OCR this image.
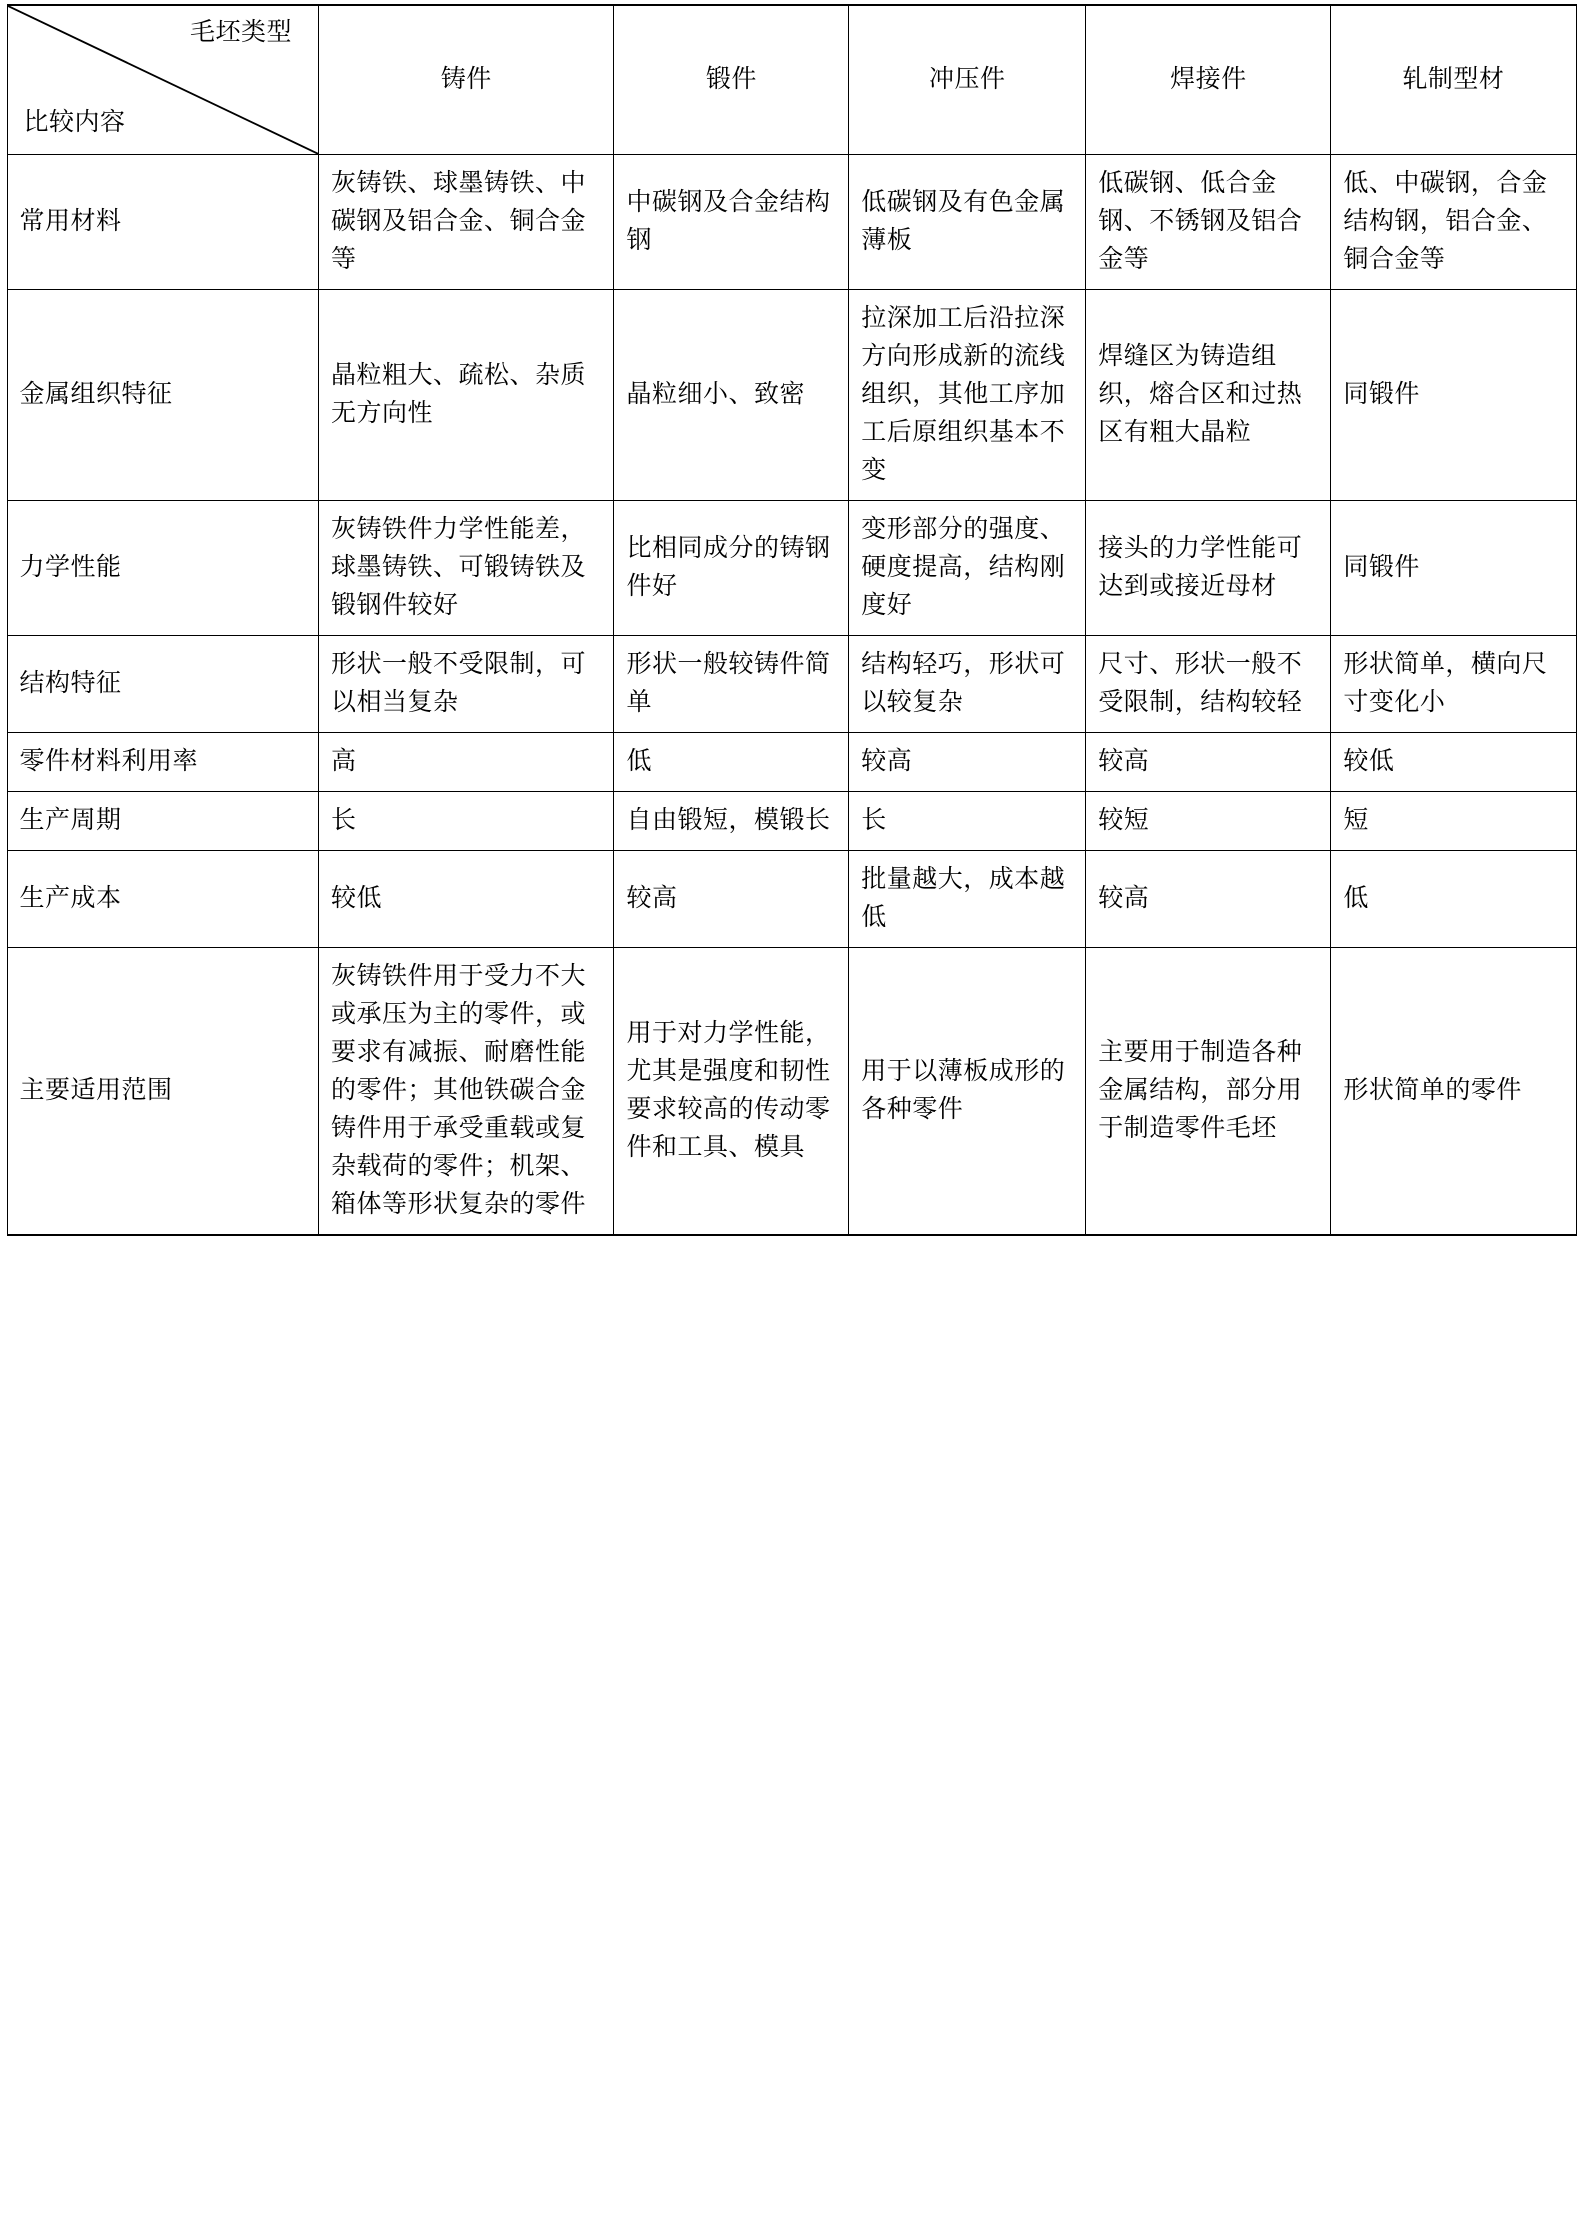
毛坯类型
比较内容	铸件	锻件	冲压件	焊接件	轧制型材
常用材料	灰铸铁、球墨铸铁、中碳钢及铝合金、铜合金等	中碳钢及合金结构钢	低碳钢及有色金属薄板	低碳钢、低合金钢、不锈钢及铝合金等	低、中碳钢，合金结构钢，铝合金、铜合金等
金属组织特征	晶粒粗大、疏松、杂质无方向性	晶粒细小、致密	拉深加工后沿拉深方向形成新的流线组织，其他工序加工后原组织基本不变	焊缝区为铸造组织，熔合区和过热区有粗大晶粒	同锻件
力学性能	灰铸铁件力学性能差，球墨铸铁、可锻铸铁及锻钢件较好	比相同成分的铸钢件好	变形部分的强度、硬度提高，结构刚度好	接头的力学性能可达到或接近母材	同锻件
结构特征	形状一般不受限制，可以相当复杂	形状一般较铸件简单	结构轻巧，形状可以较复杂	尺寸、形状一般不受限制，结构较轻	形状简单，横向尺寸变化小
零件材料利用率	高	低	较高	较高	较低
生产周期	长	自由锻短，模锻长	长	较短	短
生产成本	较低	较高	批量越大，成本越低	较高	低
主要适用范围	灰铸铁件用于受力不大或承压为主的零件，或要求有减振、耐磨性能的零件；其他铁碳合金铸件用于承受重载或复杂载荷的零件；机架、箱体等形状复杂的零件	用于对力学性能，尤其是强度和韧性要求较高的传动零件和工具、模具	用于以薄板成形的各种零件	主要用于制造各种金属结构，部分用于制造零件毛坯	形状简单的零件
